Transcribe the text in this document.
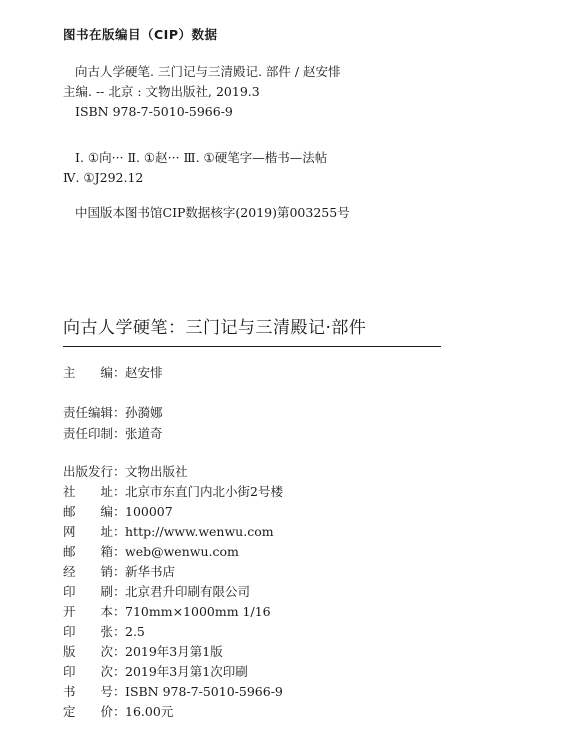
图书在版编目（CIP）数据
向古人学硬笔. 三门记与三清殿记. 部件 / 赵安悱
主编. -- 北京 : 文物出版社, 2019.3
ISBN 978-7-5010-5966-9
Ⅰ. ①向··· Ⅱ. ①赵··· Ⅲ. ①硬笔字—楷书—法帖
Ⅳ. ①J292.12
中国版本图书馆CIP数据核字(2019)第003255号
向古人学硬笔：三门记与三清殿记·部件
主　　编： 赵安悱
责任编辑： 孙漪娜
责任印制： 张道奇
出版发行： 文物出版社
社　　址： 北京市东直门内北小街2号楼
邮　　编： 100007
网　　址： http://www.wenwu.com
邮　　箱： web@wenwu.com
经　　销： 新华书店
印　　刷： 北京君升印刷有限公司
开　　本： 710mm×1000mm 1/16
印　　张： 2.5
版　　次： 2019年3月第1版
印　　次： 2019年3月第1次印刷
书　　号： ISBN 978-7-5010-5966-9
定　　价： 16.00元
